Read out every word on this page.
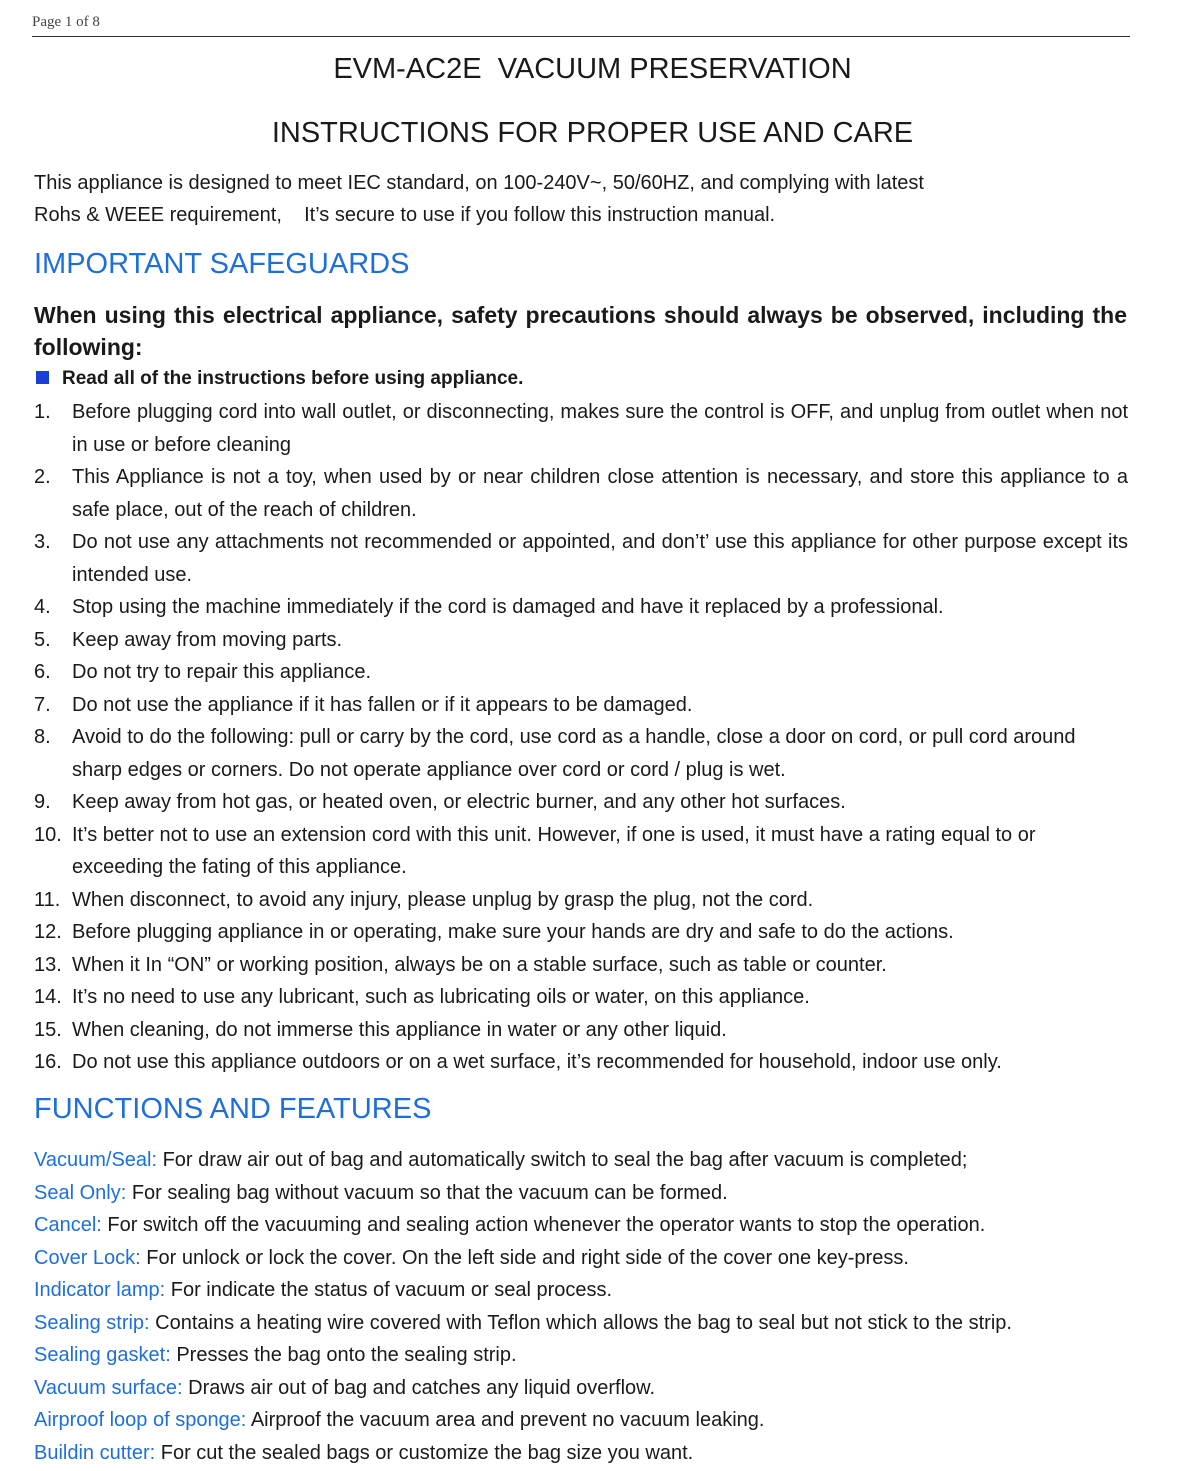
Page 1 of 8
EVM-AC2E  VACUUM PRESERVATION
INSTRUCTIONS FOR PROPER USE AND CARE
This appliance is designed to meet IEC standard, on 100-240V~, 50/60HZ, and complying with latest
Rohs & WEEE requirement,    It’s secure to use if you follow this instruction manual.
IMPORTANT SAFEGUARDS
When using this electrical appliance, safety precautions should always be observed, including the following:
Read all of the instructions before using appliance.
1. Before plugging cord into wall outlet, or disconnecting, makes sure the control is OFF, and unplug from outlet when not in use or before cleaning
2. This Appliance is not a toy, when used by or near children close attention is necessary, and store this appliance to a safe place, out of the reach of children.
3. Do not use any attachments not recommended or appointed, and don’t’ use this appliance for other purpose except its intended use.
4. Stop using the machine immediately if the cord is damaged and have it replaced by a professional.
5. Keep away from moving parts.
6. Do not try to repair this appliance.
7. Do not use the appliance if it has fallen or if it appears to be damaged.
8. Avoid to do the following: pull or carry by the cord, use cord as a handle, close a door on cord, or pull cord around sharp edges or corners. Do not operate appliance over cord or cord / plug is wet.
9. Keep away from hot gas, or heated oven, or electric burner, and any other hot surfaces.
10. It’s better not to use an extension cord with this unit. However, if one is used, it must have a rating equal to or exceeding the fating of this appliance.
11. When disconnect, to avoid any injury, please unplug by grasp the plug, not the cord.
12. Before plugging appliance in or operating, make sure your hands are dry and safe to do the actions.
13. When it In “ON” or working position, always be on a stable surface, such as table or counter.
14. It’s no need to use any lubricant, such as lubricating oils or water, on this appliance.
15. When cleaning, do not immerse this appliance in water or any other liquid.
16. Do not use this appliance outdoors or on a wet surface, it’s recommended for household, indoor use only.
FUNCTIONS AND FEATURES
Vacuum/Seal: For draw air out of bag and automatically switch to seal the bag after vacuum is completed;
Seal Only: For sealing bag without vacuum so that the vacuum can be formed.
Cancel: For switch off the vacuuming and sealing action whenever the operator wants to stop the operation.
Cover Lock: For unlock or lock the cover. On the left side and right side of the cover one key-press.
Indicator lamp: For indicate the status of vacuum or seal process.
Sealing strip: Contains a heating wire covered with Teflon which allows the bag to seal but not stick to the strip.
Sealing gasket: Presses the bag onto the sealing strip.
Vacuum surface: Draws air out of bag and catches any liquid overflow.
Airproof loop of sponge: Airproof the vacuum area and prevent no vacuum leaking.
Buildin cutter: For cut the sealed bags or customize the bag size you want.
